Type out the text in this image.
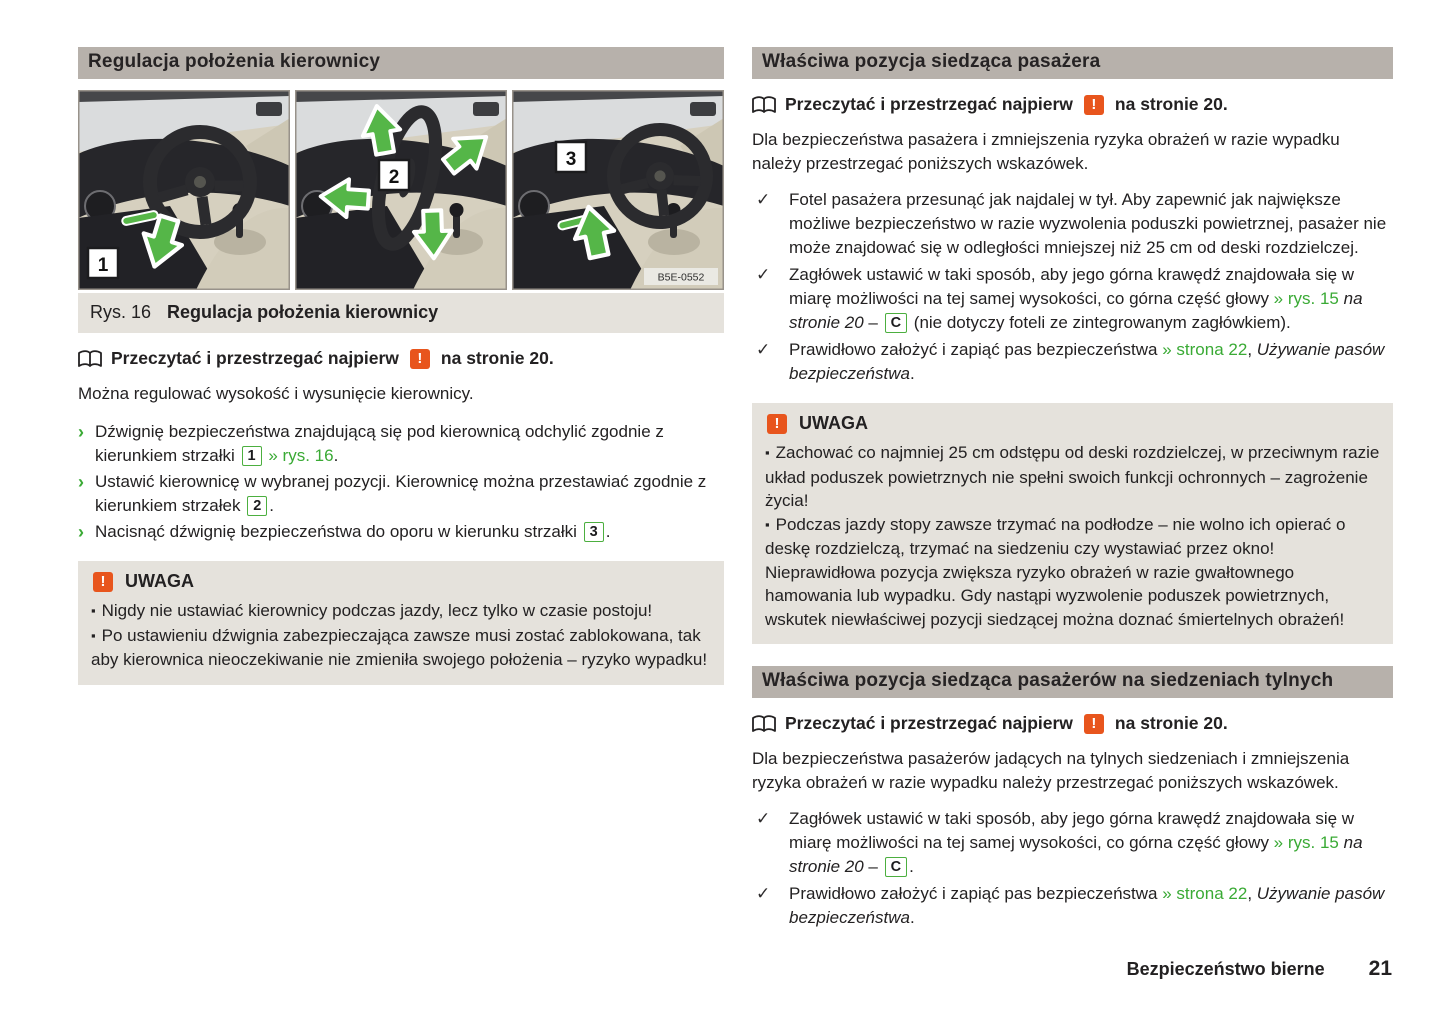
Regulacja położenia kierownicy
1
2
3
B5E-0552
Rys. 16 Regulacja położenia kierownicy
Przeczytać i przestrzegać najpierw	!	na stronie 20.

Można regulować wysokość i wysunięcie kierownicy.

› Dźwignię bezpieczeństwa znajdującą się pod kierownicą odchylić zgodnie z kierunkiem strzałki 1 » rys. 16.
› Ustawić kierownicę w wybranej pozycji. Kierownicę można przestawiać zgodnie z kierunkiem strzałek 2 .
› Nacisnąć dźwignię bezpieczeństwa do oporu w kierunku strzałki 3 .
!	UWAGA

▪ Nigdy nie ustawiać kierownicy podczas jazdy, lecz tylko w czasie postoju!

▪ Po ustawieniu dźwignia zabezpieczająca zawsze musi zostać zablokowana, tak aby kierownica nieoczekiwanie nie zmieniła swojego położenia – ryzyko wypadku!

Właściwa pozycja siedząca pasażera
Przeczytać i przestrzegać najpierw	!	na stronie 20.

Dla bezpieczeństwa pasażera i zmniejszenia ryzyka obrażeń w razie wypadku należy przestrzegać poniższych wskazówek.

✓ Fotel pasażera przesunąć jak najdalej w tył. Aby zapewnić jak największe możliwe bezpieczeństwo w razie wyzwolenia poduszki powietrznej, pasażer nie może znajdować się w odległości mniejszej niż 25 cm od deski rozdzielczej.
✓ Zagłówek ustawić w taki sposób, aby jego górna krawędź znajdowała się w miarę możliwości na tej samej wysokości, co górna część głowy » rys. 15 na stronie 20 – C (nie dotyczy foteli ze zintegrowanym zagłówkiem).
✓ Prawidłowo założyć i zapiąć pas bezpieczeństwa » strona 22, Używanie pasów bezpieczeństwa.
!	UWAGA

▪ Zachować co najmniej 25 cm odstępu od deski rozdzielczej, w przeciwnym razie układ poduszek powietrznych nie spełni swoich funkcji ochronnych – zagrożenie życia!

▪ Podczas jazdy stopy zawsze trzymać na podłodze – nie wolno ich opierać o deskę rozdzielczą, trzymać na siedzeniu czy wystawiać przez okno! Nieprawidłowa pozycja zwiększa ryzyko obrażeń w razie gwałtownego hamowania lub wypadku. Gdy nastąpi wyzwolenie poduszek powietrznych, wskutek niewłaściwej pozycji siedzącej można doznać śmiertelnych obrażeń!

Właściwa pozycja siedząca pasażerów na siedzeniach tylnych
Przeczytać i przestrzegać najpierw	!	na stronie 20.

Dla bezpieczeństwa pasażerów jadących na tylnych siedzeniach i zmniejszenia ryzyka obrażeń w razie wypadku należy przestrzegać poniższych wskazówek.

✓ Zagłówek ustawić w taki sposób, aby jego górna krawędź znajdowała się w miarę możliwości na tej samej wysokości, co górna część głowy » rys. 15 na stronie 20 – C .
✓ Prawidłowo założyć i zapiąć pas bezpieczeństwa » strona 22, Używanie pasów bezpieczeństwa.
Bezpieczeństwo bierne 21
